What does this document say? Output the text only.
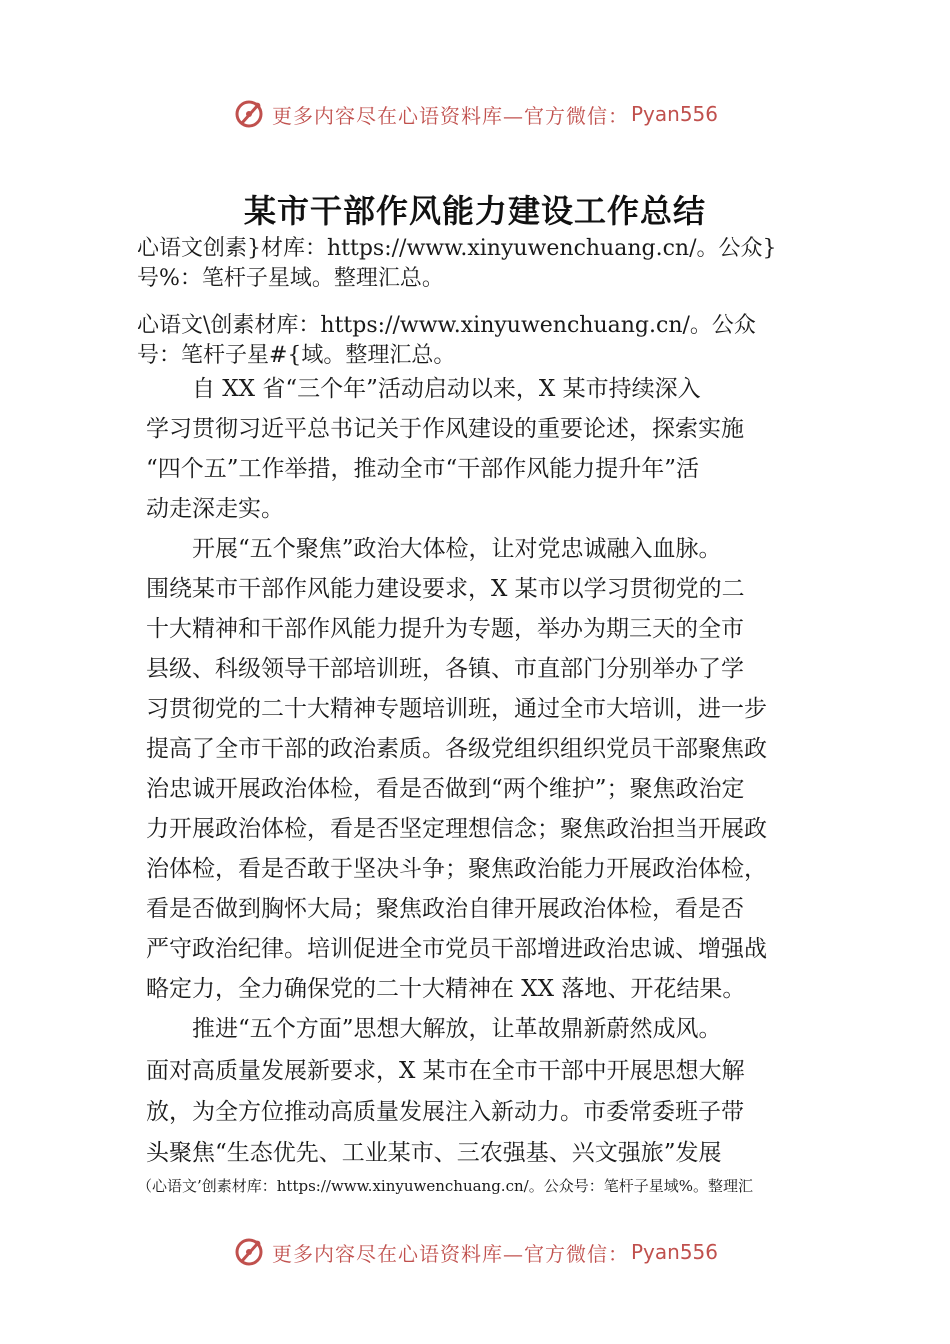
更多内容尽在心语资料库—官方微信： Pyan556
某市干部作风能力建设工作总结
心语文创素}材库：https://www.xinyuwenchuang.cn/。公众}
号%：笔杆子星域。整理汇总。
心语文\创素材库：https://www.xinyuwenchuang.cn/。公众
号：笔杆子星#{域。整理汇总。
　　自 XX 省“三个年”活动启动以来，X 某市持续深入
学习贯彻习近平总书记关于作风建设的重要论述，探索实施
“四个五”工作举措，推动全市“干部作风能力提升年”活
动走深走实。
　　开展“五个聚焦”政治大体检，让对党忠诚融入血脉。
围绕某市干部作风能力建设要求，X 某市以学习贯彻党的二
十大精神和干部作风能力提升为专题，举办为期三天的全市
县级、科级领导干部培训班，各镇、市直部门分别举办了学
习贯彻党的二十大精神专题培训班，通过全市大培训，进一步
提高了全市干部的政治素质。各级党组织组织党员干部聚焦政
治忠诚开展政治体检，看是否做到“两个维护”；聚焦政治定
力开展政治体检，看是否坚定理想信念；聚焦政治担当开展政
治体检，看是否敢于坚决斗争；聚焦政治能力开展政治体检，
看是否做到胸怀大局；聚焦政治自律开展政治体检，看是否
严守政治纪律。培训促进全市党员干部增进政治忠诚、增强战
略定力，全力确保党的二十大精神在 XX 落地、开花结果。
　　推进“五个方面”思想大解放，让革故鼎新蔚然成风。
面对高质量发展新要求，X 某市在全市干部中开展思想大解
放，为全方位推动高质量发展注入新动力。市委常委班子带
头聚焦“生态优先、工业某市、三农强基、兴文强旅”发展
（心语文’创素材库：https://www.xinyuwenchuang.cn/。公众号：笔杆子星域%。整理汇
更多内容尽在心语资料库—官方微信： Pyan556
